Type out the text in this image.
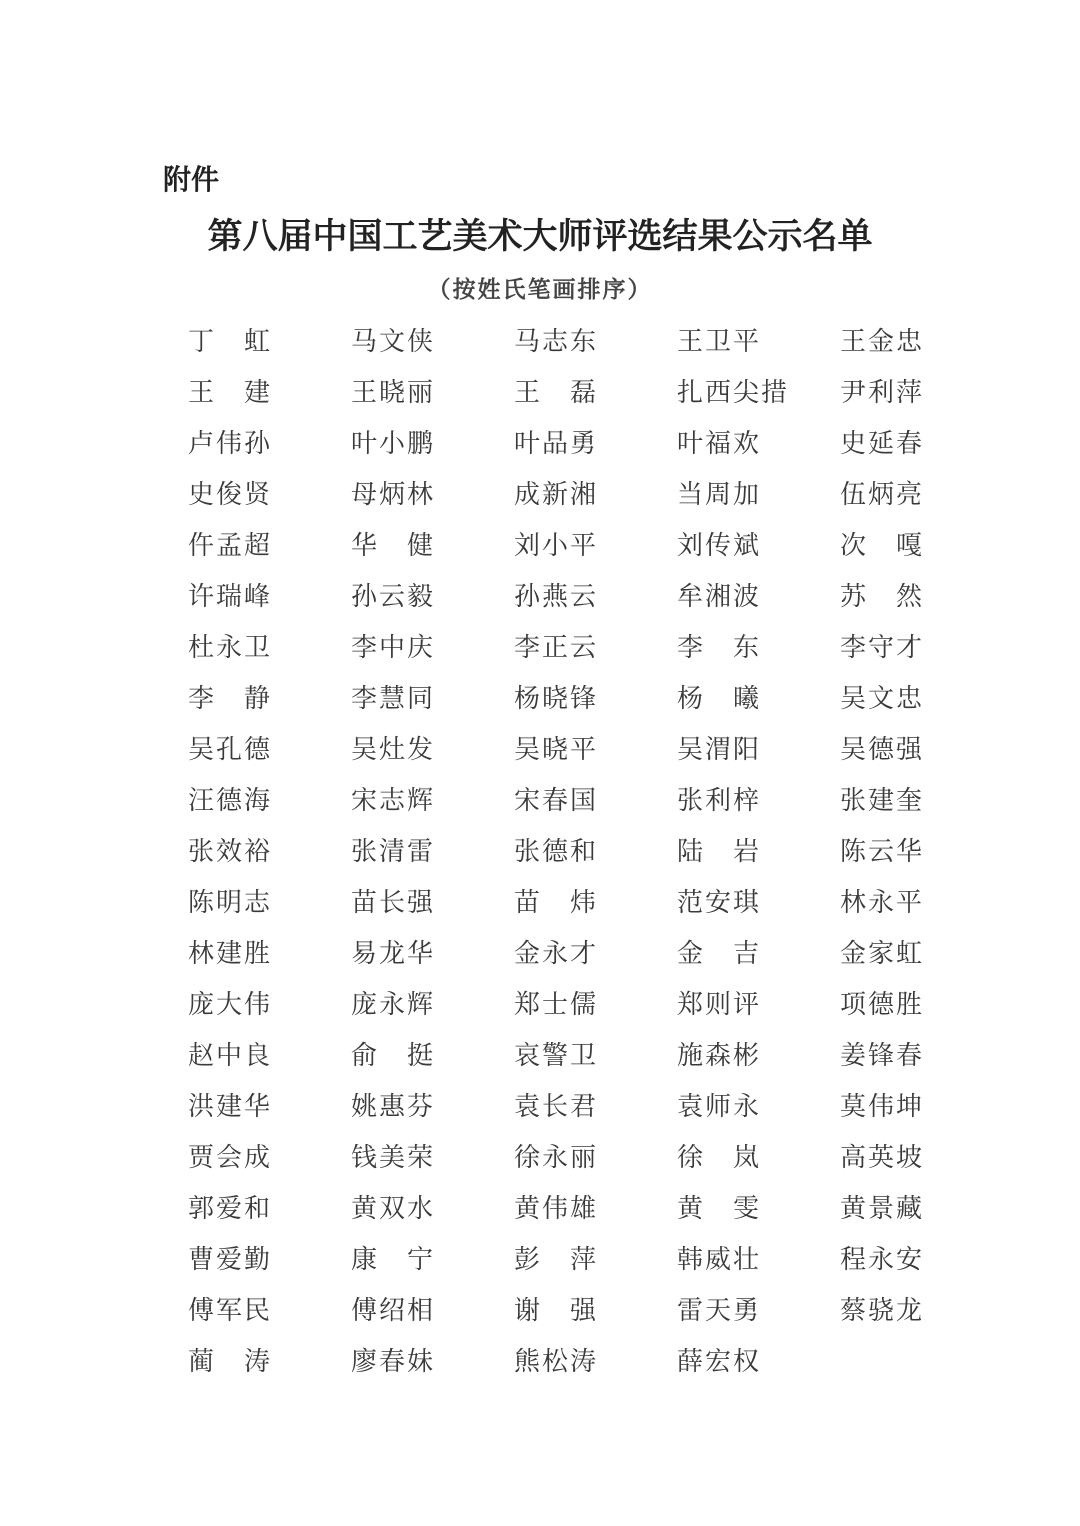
附件
第八届中国工艺美术大师评选结果公示名单
（按姓氏笔画排序）
丁　虹	马文侠	马志东	王卫平	王金忠
王　建	王晓丽	王　磊	扎西尖措	尹利萍
卢伟孙	叶小鹏	叶品勇	叶福欢	史延春
史俊贤	母炳林	成新湘	当周加	伍炳亮
仵孟超	华　健	刘小平	刘传斌	次　嘎
许瑞峰	孙云毅	孙燕云	牟湘波	苏　然
杜永卫	李中庆	李正云	李　东	李守才
李　静	李慧同	杨晓锋	杨　曦	吴文忠
吴孔德	吴灶发	吴晓平	吴渭阳	吴德强
汪德海	宋志辉	宋春国	张利梓	张建奎
张效裕	张清雷	张德和	陆　岩	陈云华
陈明志	苗长强	苗　炜	范安琪	林永平
林建胜	易龙华	金永才	金　吉	金家虹
庞大伟	庞永辉	郑士儒	郑则评	项德胜
赵中良	俞　挺	哀警卫	施森彬	姜锋春
洪建华	姚惠芬	袁长君	袁师永	莫伟坤
贾会成	钱美荣	徐永丽	徐　岚	高英坡
郭爱和	黄双水	黄伟雄	黄　雯	黄景藏
曹爱勤	康　宁	彭　萍	韩威壮	程永安
傅军民	傅绍相	谢　强	雷天勇	蔡骁龙
蔺　涛	廖春妹	熊松涛	薛宏权
